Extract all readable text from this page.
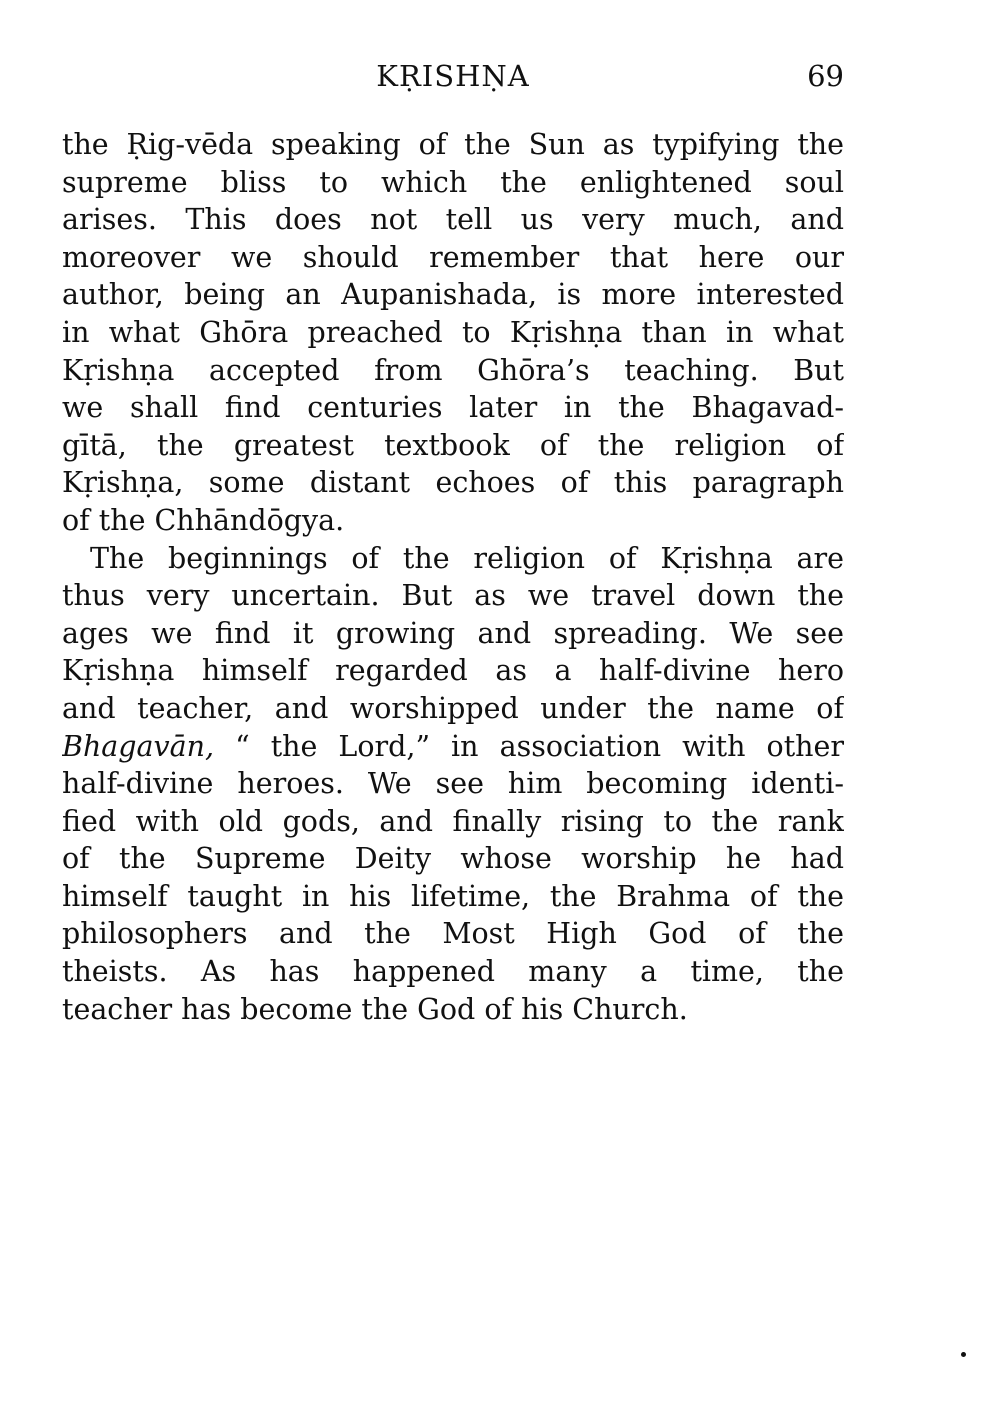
KṚISHṆA	69
the Ṛig-vēda speaking of the Sun as typifying the
supreme bliss to which the enlightened soul
arises. This does not tell us very much, and
moreover we should remember that here our
author, being an Aupanishada, is more interested
in what Ghōra preached to Kṛishṇa than in what
Kṛishṇa accepted from Ghōra’s teaching. But
we shall find centuries later in the Bhagavad-
gītā, the greatest textbook of the religion of
Kṛishṇa, some distant echoes of this paragraph
of the Chhāndōgya.
The beginnings of the religion of Kṛishṇa are
thus very uncertain. But as we travel down the
ages we find it growing and spreading. We see
Kṛishṇa himself regarded as a half-divine hero
and teacher, and worshipped under the name of
Bhagavān, “ the Lord,” in association with other
half-divine heroes. We see him becoming identi-
fied with old gods, and finally rising to the rank
of the Supreme Deity whose worship he had
himself taught in his lifetime, the Brahma of the
philosophers and the Most High God of the
theists. As has happened many a time, the
teacher has become the God of his Church.
